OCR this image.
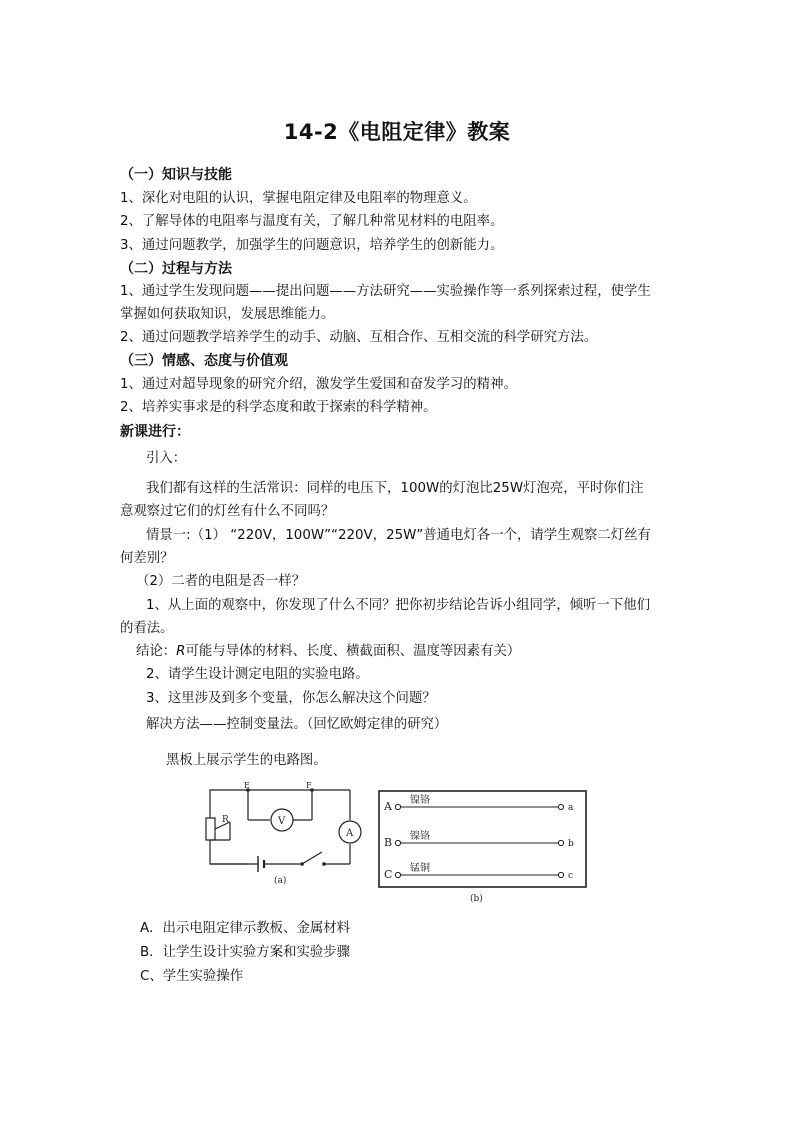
14-2《电阻定律》教案
（一）知识与技能
1、深化对电阻的认识，掌握电阻定律及电阻率的物理意义。
2、了解导体的电阻率与温度有关，了解几种常见材料的电阻率。
3、通过问题教学，加强学生的问题意识，培养学生的创新能力。
（二）过程与方法
1、通过学生发现问题——提出问题——方法研究——实验操作等一系列探索过程，使学生
掌握如何获取知识，发展思维能力。
2、通过问题教学培养学生的动手、动脑、互相合作、互相交流的科学研究方法。
（三）情感、态度与价值观
1、通过对超导现象的研究介绍，激发学生爱国和奋发学习的精神。
2、培养实事求是的科学态度和敢于探索的科学精神。
新课进行：
引入：
我们都有这样的生活常识：同样的电压下，100W的灯泡比25W灯泡亮，平时你们注
意观察过它们的灯丝有什么不同吗？
情景一:（1） “220V，100W”“220V，25W”普通电灯各一个，请学生观察二灯丝有
何差别？
（2）二者的电阻是否一样？
1、从上面的观察中，你发现了什么不同？把你初步结论告诉小组同学，倾听一下他们
的看法。
结论：R可能与导体的材料、长度、横截面积、温度等因素有关）
2、请学生设计测定电阻的实验电路。
3、这里涉及到多个变量，你怎么解决这个问题？
解决方法——控制变量法。（回忆欧姆定律的研究）
黑板上展示学生的电路图。
R	V
E	F
A
(a)
A	a
镍铬
B	b
镍铬
C	c
锰铜
(b)
A．出示电阻定律示教板、金属材料
B．让学生设计实验方案和实验步骤
C、学生实验操作
